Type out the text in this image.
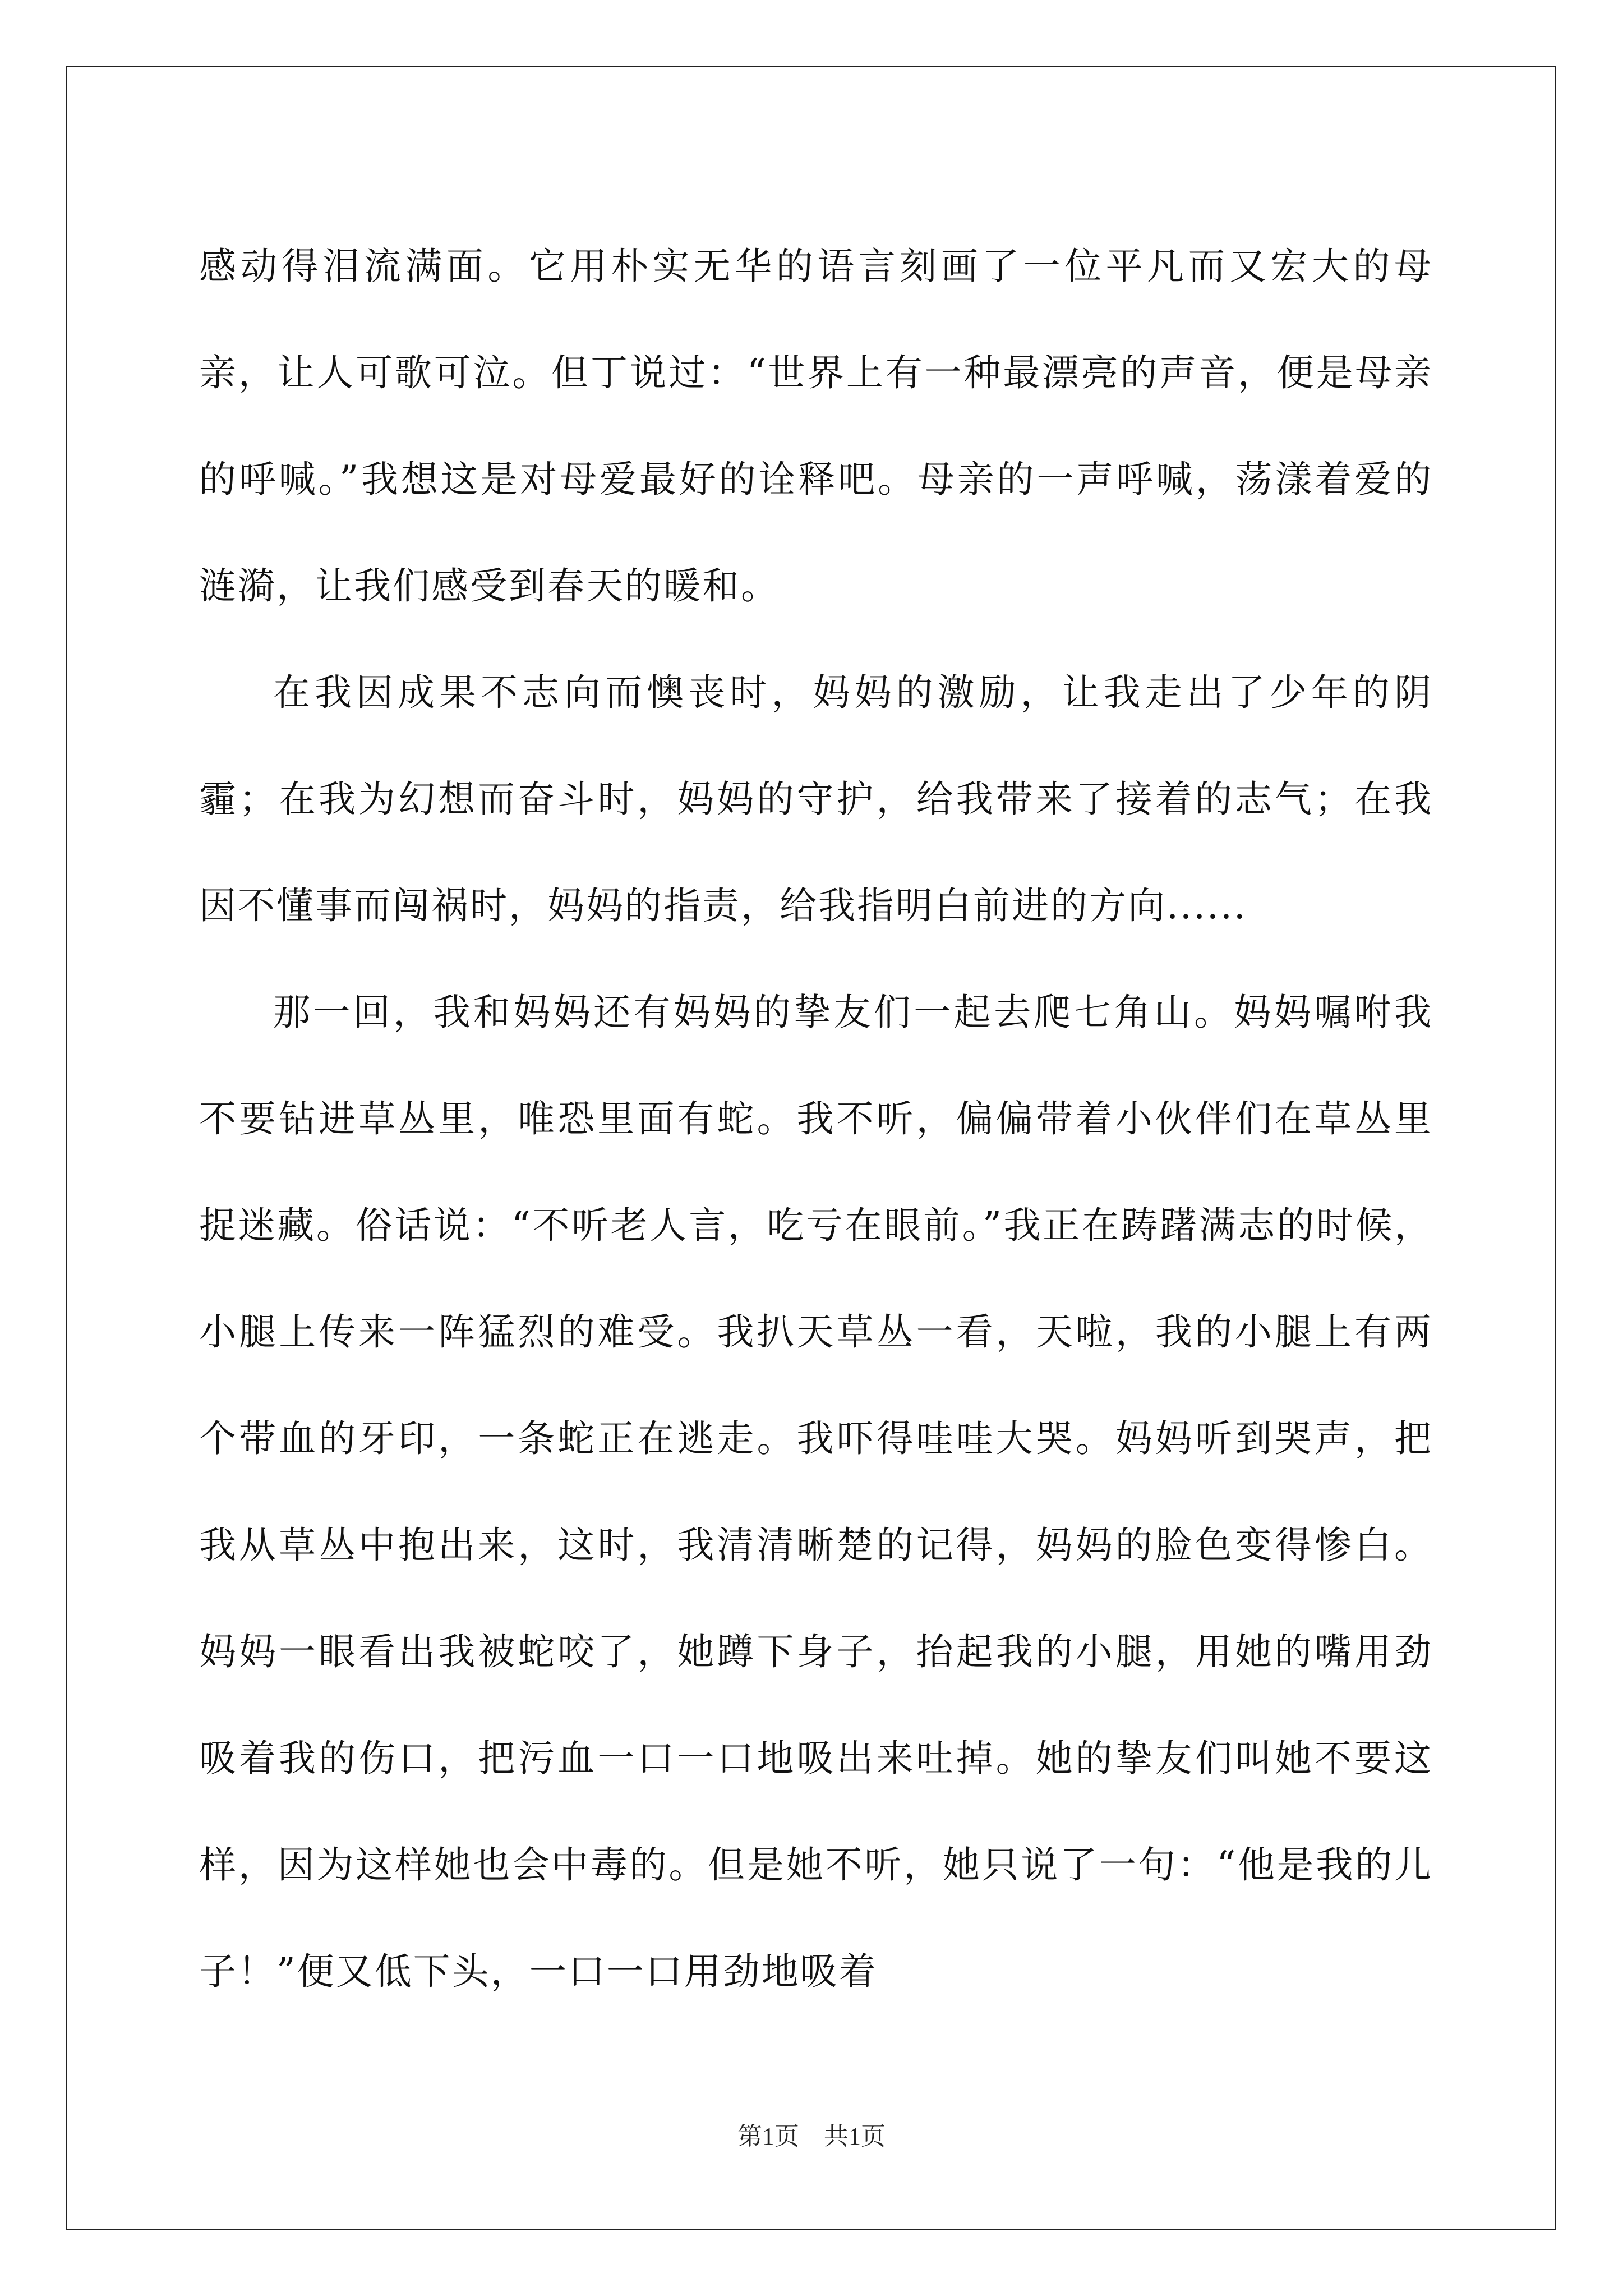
感动得泪流满面。它用朴实无华的语言刻画了一位平凡而又宏大的母亲，让人可歌可泣。但丁说过：“世界上有一种最漂亮的声音，便是母亲的呼喊。”我想这是对母爱最好的诠释吧。母亲的一声呼喊，荡漾着爱的涟漪，让我们感受到春天的暖和。

在我因成果不志向而懊丧时，妈妈的激励，让我走出了少年的阴霾；在我为幻想而奋斗时，妈妈的守护，给我带来了接着的志气；在我因不懂事而闯祸时，妈妈的指责，给我指明白前进的方向......

那一回，我和妈妈还有妈妈的挚友们一起去爬七角山。妈妈嘱咐我不要钻进草丛里，唯恐里面有蛇。我不听，偏偏带着小伙伴们在草丛里捉迷藏。俗话说：“不听老人言，吃亏在眼前。”我正在踌躇满志的时候，小腿上传来一阵猛烈的难受。我扒天草丛一看，天啦，我的小腿上有两个带血的牙印，一条蛇正在逃走。我吓得哇哇大哭。妈妈听到哭声，把我从草丛中抱出来，这时，我清清晰楚的记得，妈妈的脸色变得惨白。妈妈一眼看出我被蛇咬了，她蹲下身子，抬起我的小腿，用她的嘴用劲吸着我的伤口，把污血一口一口地吸出来吐掉。她的挚友们叫她不要这样，因为这样她也会中毒的。但是她不听，她只说了一句：“他是我的儿子！”便又低下头，一口一口用劲地吸着

第1页　共1页
